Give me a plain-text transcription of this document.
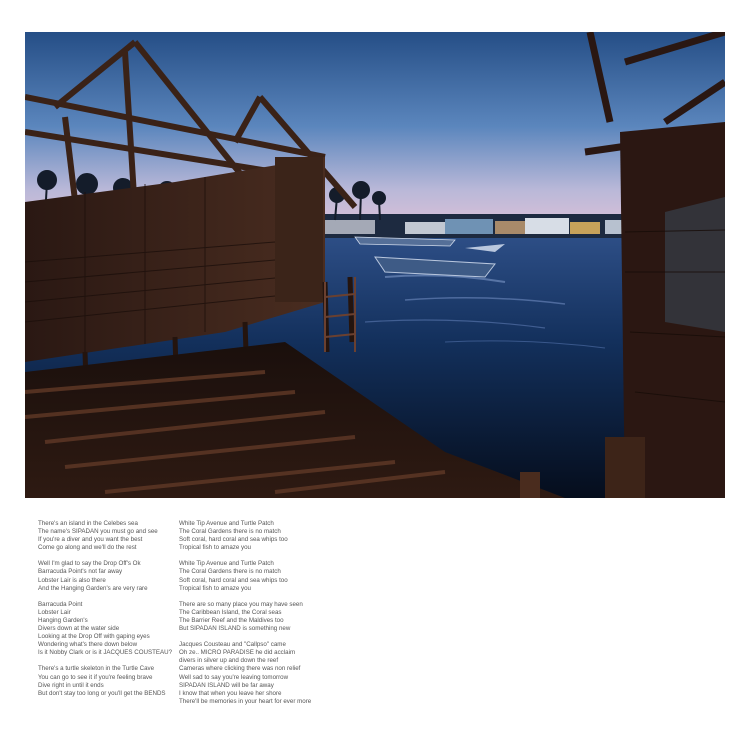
There's an island in the Celebes sea
The name's SIPADAN you must go and see
If you're a diver and you want the best
Come go along and we'll do the rest
Well I'm glad to say the Drop Off's Ok
Barracuda Point's not far away
Lobster Lair is also there
And the Hanging Garden's are very rare
Barracuda Point
Lobster Lair
Hanging Garden's
Divers down at the water side
Looking at the Drop Off with gaping eyes
Wondering what's there down below
Is it Nobby Clark or is it JACQUES COUSTEAU?
There's a turtle skeleton in the Turtle Cave
You can go to see it if you're feeling brave
Dive right in until it ends
But don't stay too long or you'll get the BENDS
White Tip Avenue and Turtle Patch
The Coral Gardens there is no match
Soft coral, hard coral and sea whips too
Tropical fish to amaze you
White Tip Avenue and Turtle Patch
The Coral Gardens there is no match
Soft coral, hard coral and sea whips too
Tropical fish to amaze you
There are so many place you may have seen
The Caribbean Island, the Coral seas
The Barrier Reef and the Maldives too
But SIPADAN ISLAND is something new
Jacques Cousteau and "Callpso" came
Oh ze.. MICRO PARADISE he did acclaim
divers in silver up and down the reef
Cameras where clicking there was non relief
Well sad to say you're leaving tomorrow
SIPADAN ISLAND will be far away
I know that when you leave her shore
There'll be memories in your heart for ever more
